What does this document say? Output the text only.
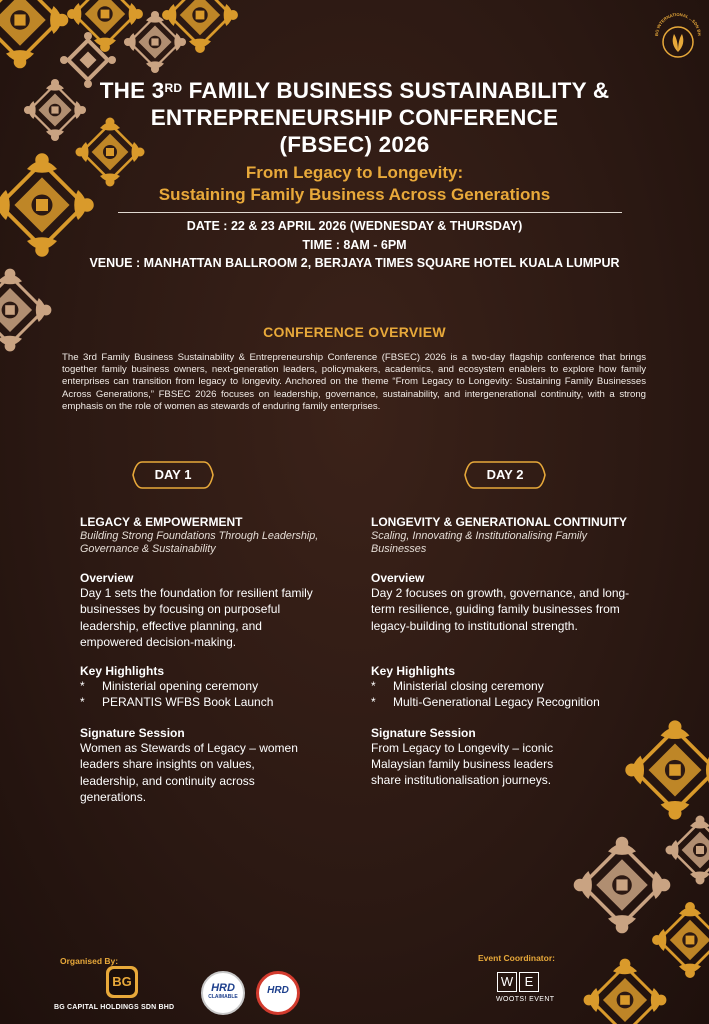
BG INTERNATIONAL ...SDN BH
THE 3RD FAMILY BUSINESS SUSTAINABILITY &
ENTREPRENEURSHIP CONFERENCE
(FBSEC) 2026
From Legacy to Longevity:
Sustaining Family Business Across Generations
DATE : 22 & 23 APRIL 2026 (WEDNESDAY & THURSDAY)
TIME : 8AM - 6PM
VENUE : MANHATTAN BALLROOM 2, BERJAYA TIMES SQUARE HOTEL KUALA LUMPUR
CONFERENCE OVERVIEW
The 3rd Family Business Sustainability & Entrepreneurship Conference (FBSEC) 2026 is a two-day flagship conference that brings together family business owners, next-generation leaders, policymakers, academics, and ecosystem enablers to explore how family enterprises can transition from legacy to longevity. Anchored on the theme “From Legacy to Longevity: Sustaining Family Businesses Across Generations,” FBSEC 2026 focuses on leadership, governance, sustainability, and intergenerational continuity, with a strong emphasis on the role of women as stewards of enduring family enterprises.
DAY 1	DAY 2
LEGACY & EMPOWERMENT
Building Strong Foundations Through Leadership, Governance & Sustainability
Overview

Day 1 sets the foundation for resilient family businesses by focusing on purposeful leadership, effective planning, and empowered decision-making.

Key Highlights
* Ministerial opening ceremony
* PERANTIS WFBS Book Launch
Signature Session

Women as Stewards of Legacy – women leaders share insights on values, leadership, and continuity across generations.

LONGEVITY & GENERATIONAL CONTINUITY
Scaling, Innovating & Institutionalising Family Businesses
Overview

Day 2 focuses on growth, governance, and long-term resilience, guiding family businesses from legacy-building to institutional strength.

Key Highlights
* Ministerial closing ceremony
* Multi-Generational Legacy Recognition
Signature Session

From Legacy to Longevity – iconic Malaysian family business leaders share institutionalisation journeys.

Organised By:
BG
BG CAPITAL HOLDINGS SDN BHD
HRD
CLAIMABLE
HRD
Event Coordinator:
W E
WOOTS! EVENT
